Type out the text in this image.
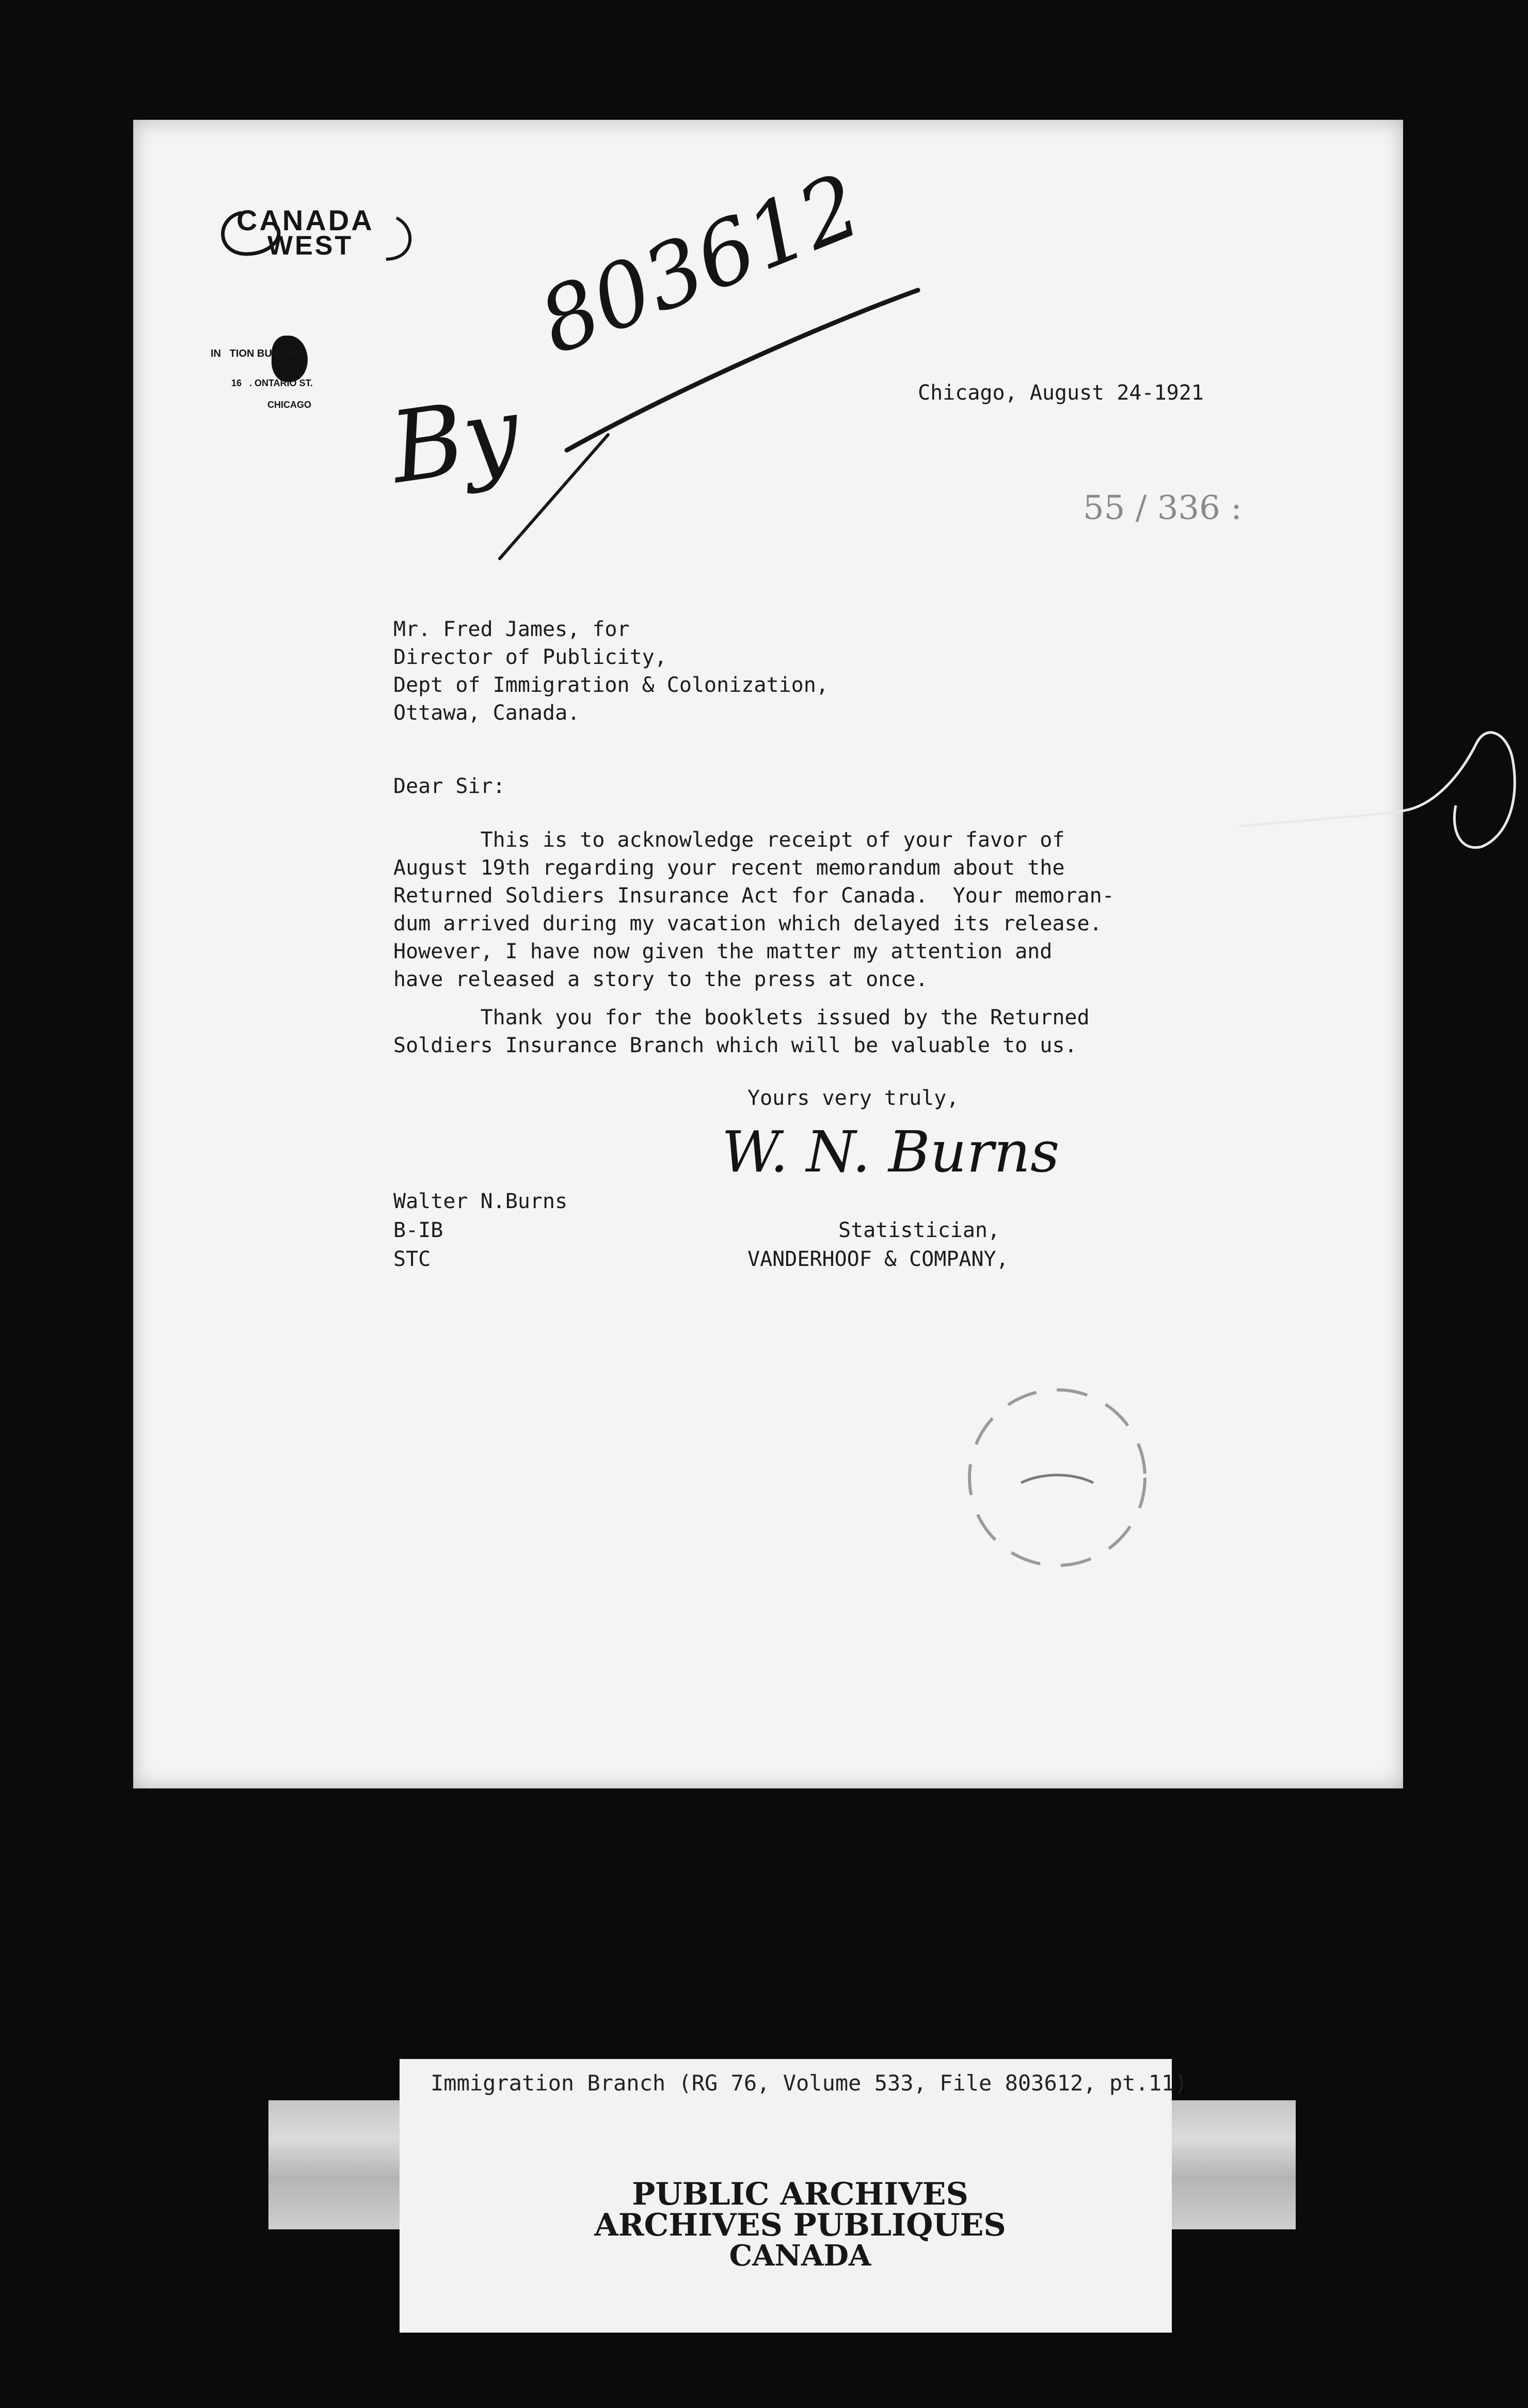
CANADA
WEST
IN   TION BUREAU
16   . ONTARIO ST.
CHICAGO
803612
By	Chicago, August 24-1921
55 / 336 :
Mr. Fred James, for
Director of Publicity,
Dept of Immigration & Colonization,
Ottawa, Canada.
Dear Sir:
This is to acknowledge receipt of your favor of
August 19th regarding your recent memorandum about the
Returned Soldiers Insurance Act for Canada.  Your memoran-
dum arrived during my vacation which delayed its release.
However, I have now given the matter my attention and
have released a story to the press at once.
Thank you for the booklets issued by the Returned
Soldiers Insurance Branch which will be valuable to us.
Yours very truly,
W. N. Burns
Walter N.Burns
B-IB
STC
Statistician,
VANDERHOOF & COMPANY,
Immigration Branch (RG 76, Volume 533, File 803612, pt.11)
PUBLIC ARCHIVES
ARCHIVES PUBLIQUES
CANADA
